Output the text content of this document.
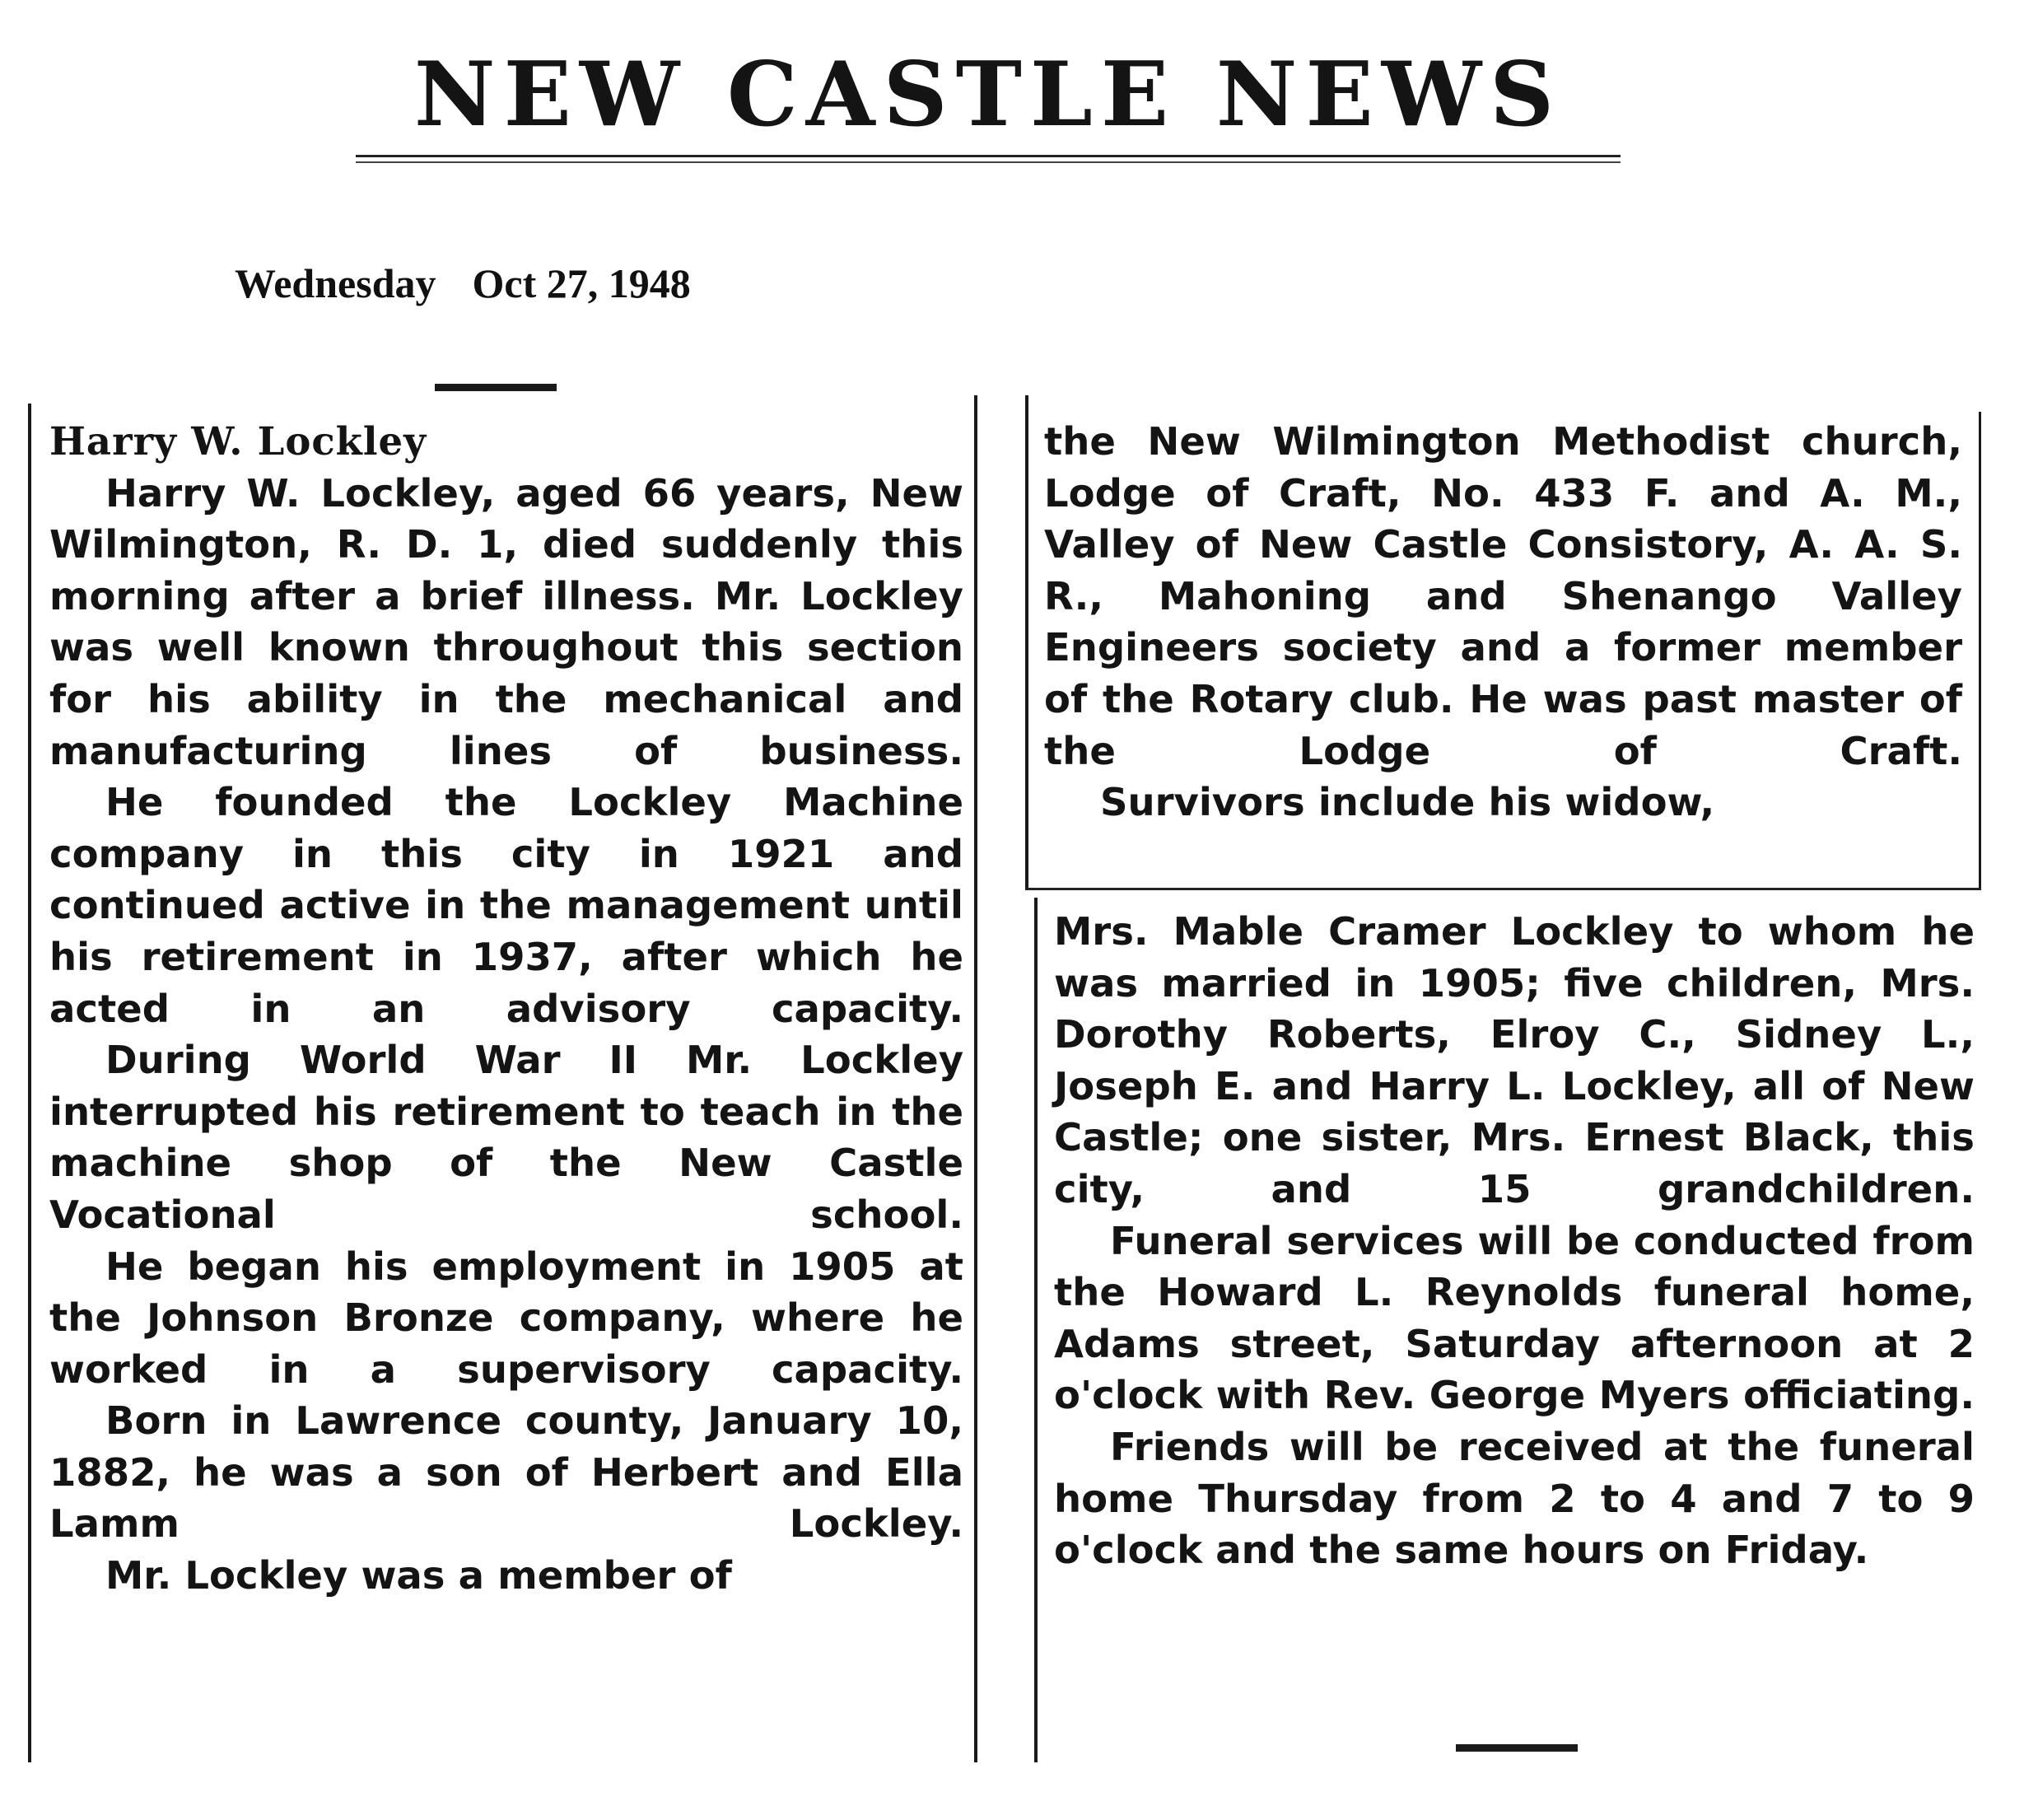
NEW CASTLE NEWS
Wednesday Oct 27, 1948

Harry W. Lockley

Harry W. Lockley, aged 66 years, New Wilmington, R. D. 1, died suddenly this morning after a brief illness. Mr. Lockley was well known throughout this section for his ability in the mechanical and manufacturing lines of business.

He founded the Lockley Machine company in this city in 1921 and continued active in the management until his retirement in 1937, after which he acted in an advisory capacity.

During World War II Mr. Lockley interrupted his retirement to teach in the machine shop of the New Castle Vocational school.

He began his employment in 1905 at the Johnson Bronze company, where he worked in a supervisory capacity.

Born in Lawrence county, January 10, 1882, he was a son of Herbert and Ella Lamm Lockley.

Mr. Lockley was a member of

the New Wilmington Methodist church, Lodge of Craft, No. 433 F. and A. M., Valley of New Castle Consistory, A. A. S. R., Mahoning and Shenango Valley Engineers society and a former member of the Rotary club. He was past master of the Lodge of Craft.

Survivors include his widow,

Mrs. Mable Cramer Lockley to whom he was married in 1905; five children, Mrs. Dorothy Roberts, Elroy C., Sidney L., Joseph E. and Harry L. Lockley, all of New Castle; one sister, Mrs. Ernest Black, this city, and 15 grandchildren.

Funeral services will be conducted from the Howard L. Reynolds funeral home, Adams street, Saturday afternoon at 2 o'clock with Rev. George Myers officiating.

Friends will be received at the funeral home Thursday from 2 to 4 and 7 to 9 o'clock and the same hours on Friday.
